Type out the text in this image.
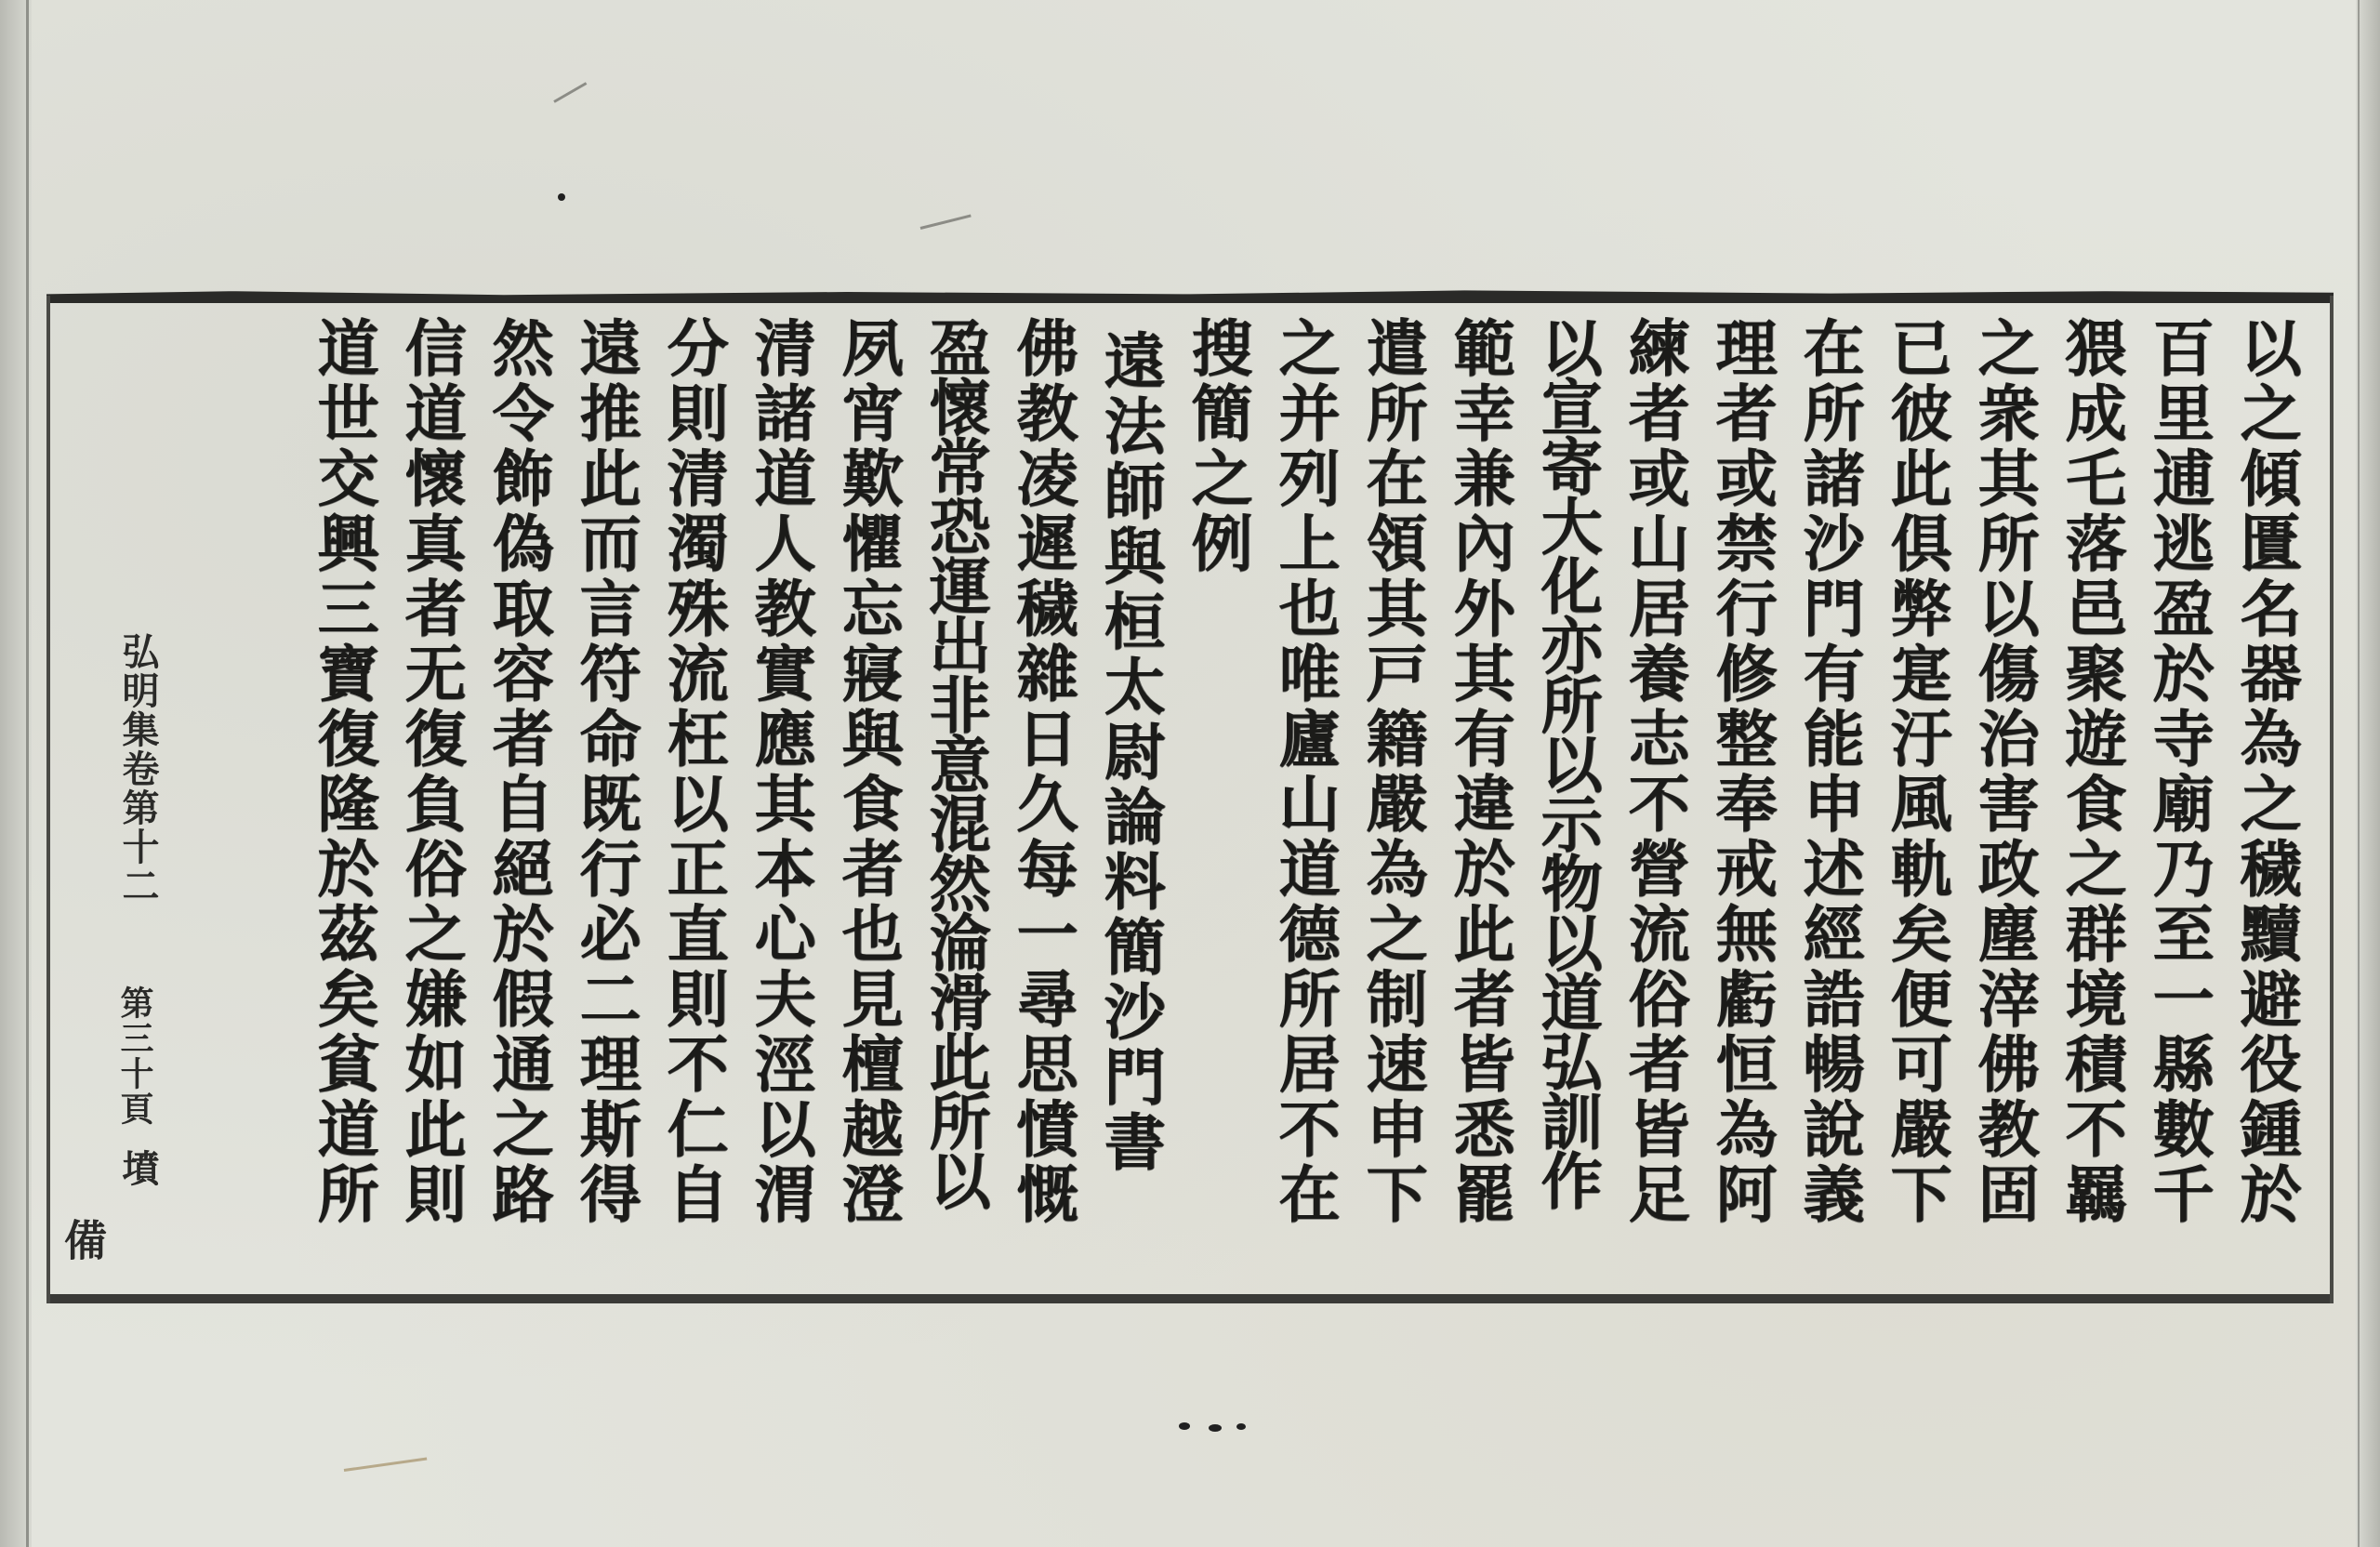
以之傾匱名器為之穢黷避役鍾於
百里逋逃盈於寺廟乃至一縣數千
猥成乇落邑聚遊食之群境積不羈
之衆其所以傷治害政塵滓佛教固
已彼此俱弊寔汙風軌矣便可嚴下
在所諸沙門有能申述經誥暢說義
理者或禁行修整奉戒無虧恒為阿
練者或山居養志不營流俗者皆足
以宣寄大化亦所以示物以道弘訓作
範幸兼內外其有違於此者皆悉罷
遣所在領其戸籍嚴為之制速申下
之并列上也唯廬山道德所居不在
搜簡之例
遠法師與桓太尉論料簡沙門書
佛教凌遲穢雜日久每一尋思憤慨
盈懷常恐運出非意混然淪滑此所以
夙宵歎懼忘寢與食者也見檀越澄
清諸道人教實應其本心夫涇以渭
分則清濁殊流枉以正直則不仁自
遠推此而言符命既行必二理斯得
然令飾偽取容者自絕於假通之路
信道懷真者无復負俗之嫌如此則
道世交興三寶復隆於茲矣貧道所
弘明集卷第十二
第三十頁
墳
備
